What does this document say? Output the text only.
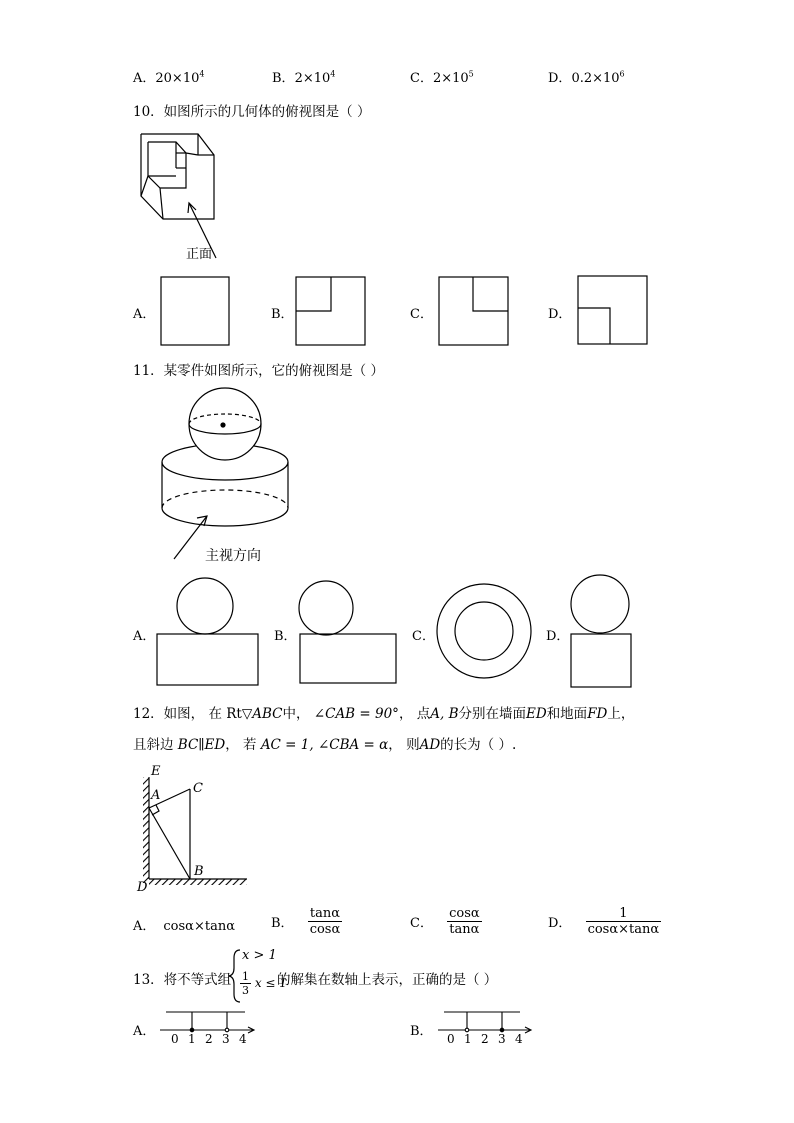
A．$20\times 10^4$	B．$2\times 10^4$	C．$2\times 10^5$	D．$0.2\times 10^6$
10．如图所示的几何体的俯视图是（ ）
正面
A．	B．	C．	D．
11．某零件如图所示，它的俯视图是（ ）
主视方向
A．	B．	C．	D．
12．如图， 在 Rt▽ABC中， ∠CAB = 90°， 点A, B分别在墙面ED和地面FD上，
且斜边 BC∥ED， 若 AC = 1, ∠CBA = α， 则AD的长为（ ）.
E
A	C
B
D
A． cosα×tanα	B． $\frac{\tan\alpha}{\cos\alpha}$	C． $\frac{\cos\alpha}{\tan\alpha}$	D． $\frac{1}{\cos\alpha\times\tan\alpha}$
13．将不等式组
x > 1
$\frac{1}{3}$ x ≤ 1
的解集在数轴上表示，正确的是（ ）
A．	B．
0 1 2 3 4	0 1 2 3 4
